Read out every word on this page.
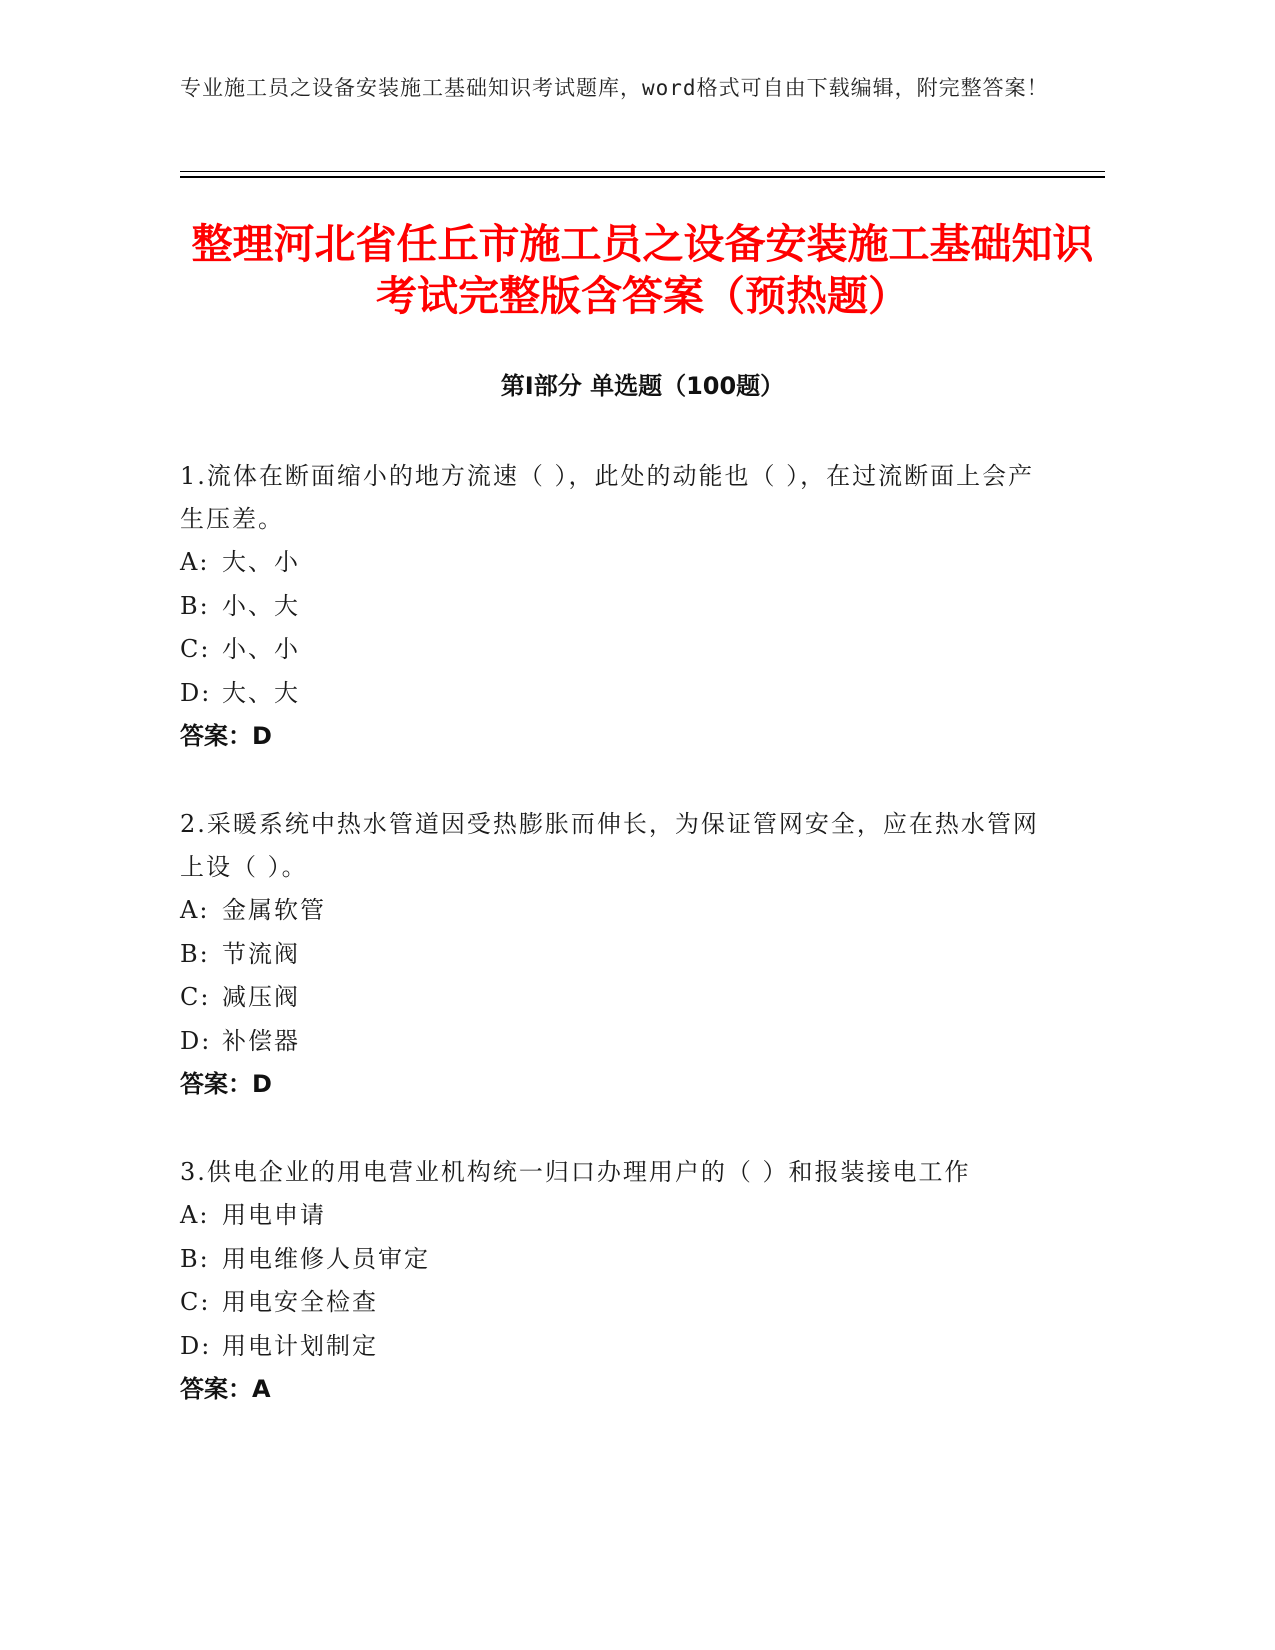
专业施工员之设备安装施工基础知识考试题库，word格式可自由下载编辑，附完整答案！
整理河北省任丘市施工员之设备安装施工基础知识考试完整版含答案（预热题）
第Ⅰ部分 单选题（100题）

1.流体在断面缩小的地方流速（ ），此处的动能也（ ），在过流断面上会产生压差。

A: 大、小

B: 小、大

C: 小、小

D: 大、大

答案：D

2.采暖系统中热水管道因受热膨胀而伸长，为保证管网安全，应在热水管网上设（ ）。

A: 金属软管

B: 节流阀

C: 减压阀

D: 补偿器

答案：D

3.供电企业的用电营业机构统一归口办理用户的（ ）和报装接电工作

A: 用电申请

B: 用电维修人员审定

C: 用电安全检查

D: 用电计划制定

答案：A
